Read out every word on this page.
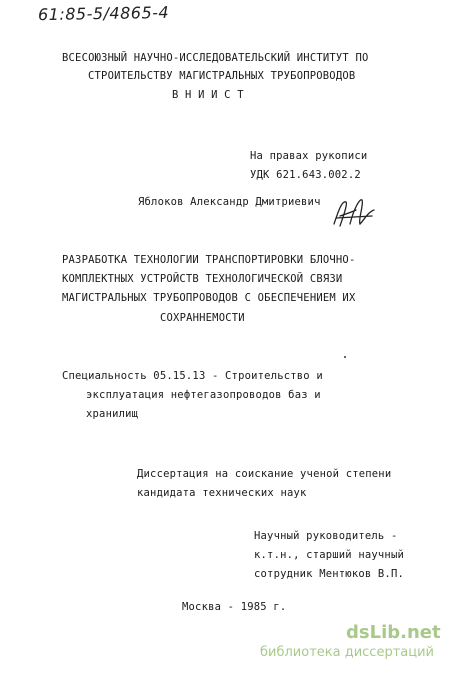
61:85-5/4865-4
ВСЕСОЮЗНЫЙ НАУЧНО-ИССЛЕДОВАТЕЛЬСКИЙ ИНСТИТУТ ПО
СТРОИТЕЛЬСТВУ МАГИСТРАЛЬНЫХ ТРУБОПРОВОДОВ
В Н И И С Т
На правах рукописи
УДК 621.643.002.2
Яблоков Александр Дмитриевич
РАЗРАБОТКА ТЕХНОЛОГИИ ТРАНСПОРТИРОВКИ БЛОЧНО-
КОМПЛЕКТНЫХ УСТРОЙСТВ ТЕХНОЛОГИЧЕСКОЙ СВЯЗИ
МАГИСТРАЛЬНЫХ ТРУБОПРОВОДОВ С ОБЕСПЕЧЕНИЕМ ИХ
СОХРАННЕМОСТИ
Специальность 05.15.13 - Строительство и
эксплуатация нефтегазопроводов баз и
хранилищ
Диссертация на соискание ученой степени
кандидата технических наук
Научный руководитель -
к.т.н., старший научный
сотрудник Ментюков В.П.
Москва - 1985 г.
dsLib.net
библиотека диссертаций
